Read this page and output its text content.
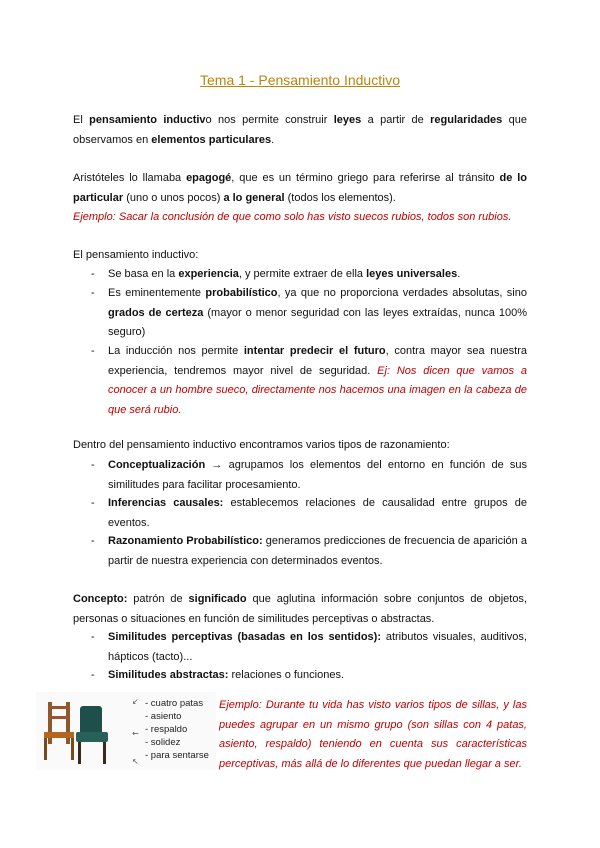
Tema 1 - Pensamiento Inductivo
El pensamiento inductivo nos permite construir leyes a partir de regularidades que observamos en elementos particulares.
Aristóteles lo llamaba epagogé, que es un término griego para referirse al tránsito de lo particular (uno o unos pocos) a lo general (todos los elementos).
Ejemplo: Sacar la conclusión de que como solo has visto suecos rubios, todos son rubios.
El pensamiento inductivo:
- Se basa en la experiencia, y permite extraer de ella leyes universales.
- Es eminentemente probabilístico, ya que no proporciona verdades absolutas, sino grados de certeza (mayor o menor seguridad con las leyes extraídas, nunca 100% seguro)
- La inducción nos permite intentar predecir el futuro, contra mayor sea nuestra experiencia, tendremos mayor nivel de seguridad. Ej: Nos dicen que vamos a conocer a un hombre sueco, directamente nos hacemos una imagen en la cabeza de que será rubio.
Dentro del pensamiento inductivo encontramos varios tipos de razonamiento:
- Conceptualización → agrupamos los elementos del entorno en función de sus similitudes para facilitar procesamiento.
- Inferencias causales: establecemos relaciones de causalidad entre grupos de eventos.
- Razonamiento Probabilístico: generamos predicciones de frecuencia de aparición a partir de nuestra experiencia con determinados eventos.
Concepto: patrón de significado que aglutina información sobre conjuntos de objetos, personas o situaciones en función de similitudes perceptivas o abstractas.
- Similitudes perceptivas (basadas en los sentidos): atributos visuales, auditivos, hápticos (tacto)...
- Similitudes abstractas: relaciones o funciones.
↙
←
↖
- cuatro patas
- asiento
- respaldo
- solidez
- para sentarse
Ejemplo: Durante tu vida has visto varios tipos de sillas, y las puedes agrupar en un mismo grupo (son sillas con 4 patas, asiento, respaldo) teniendo en cuenta sus características perceptivas, más allá de lo diferentes que puedan llegar a ser.
